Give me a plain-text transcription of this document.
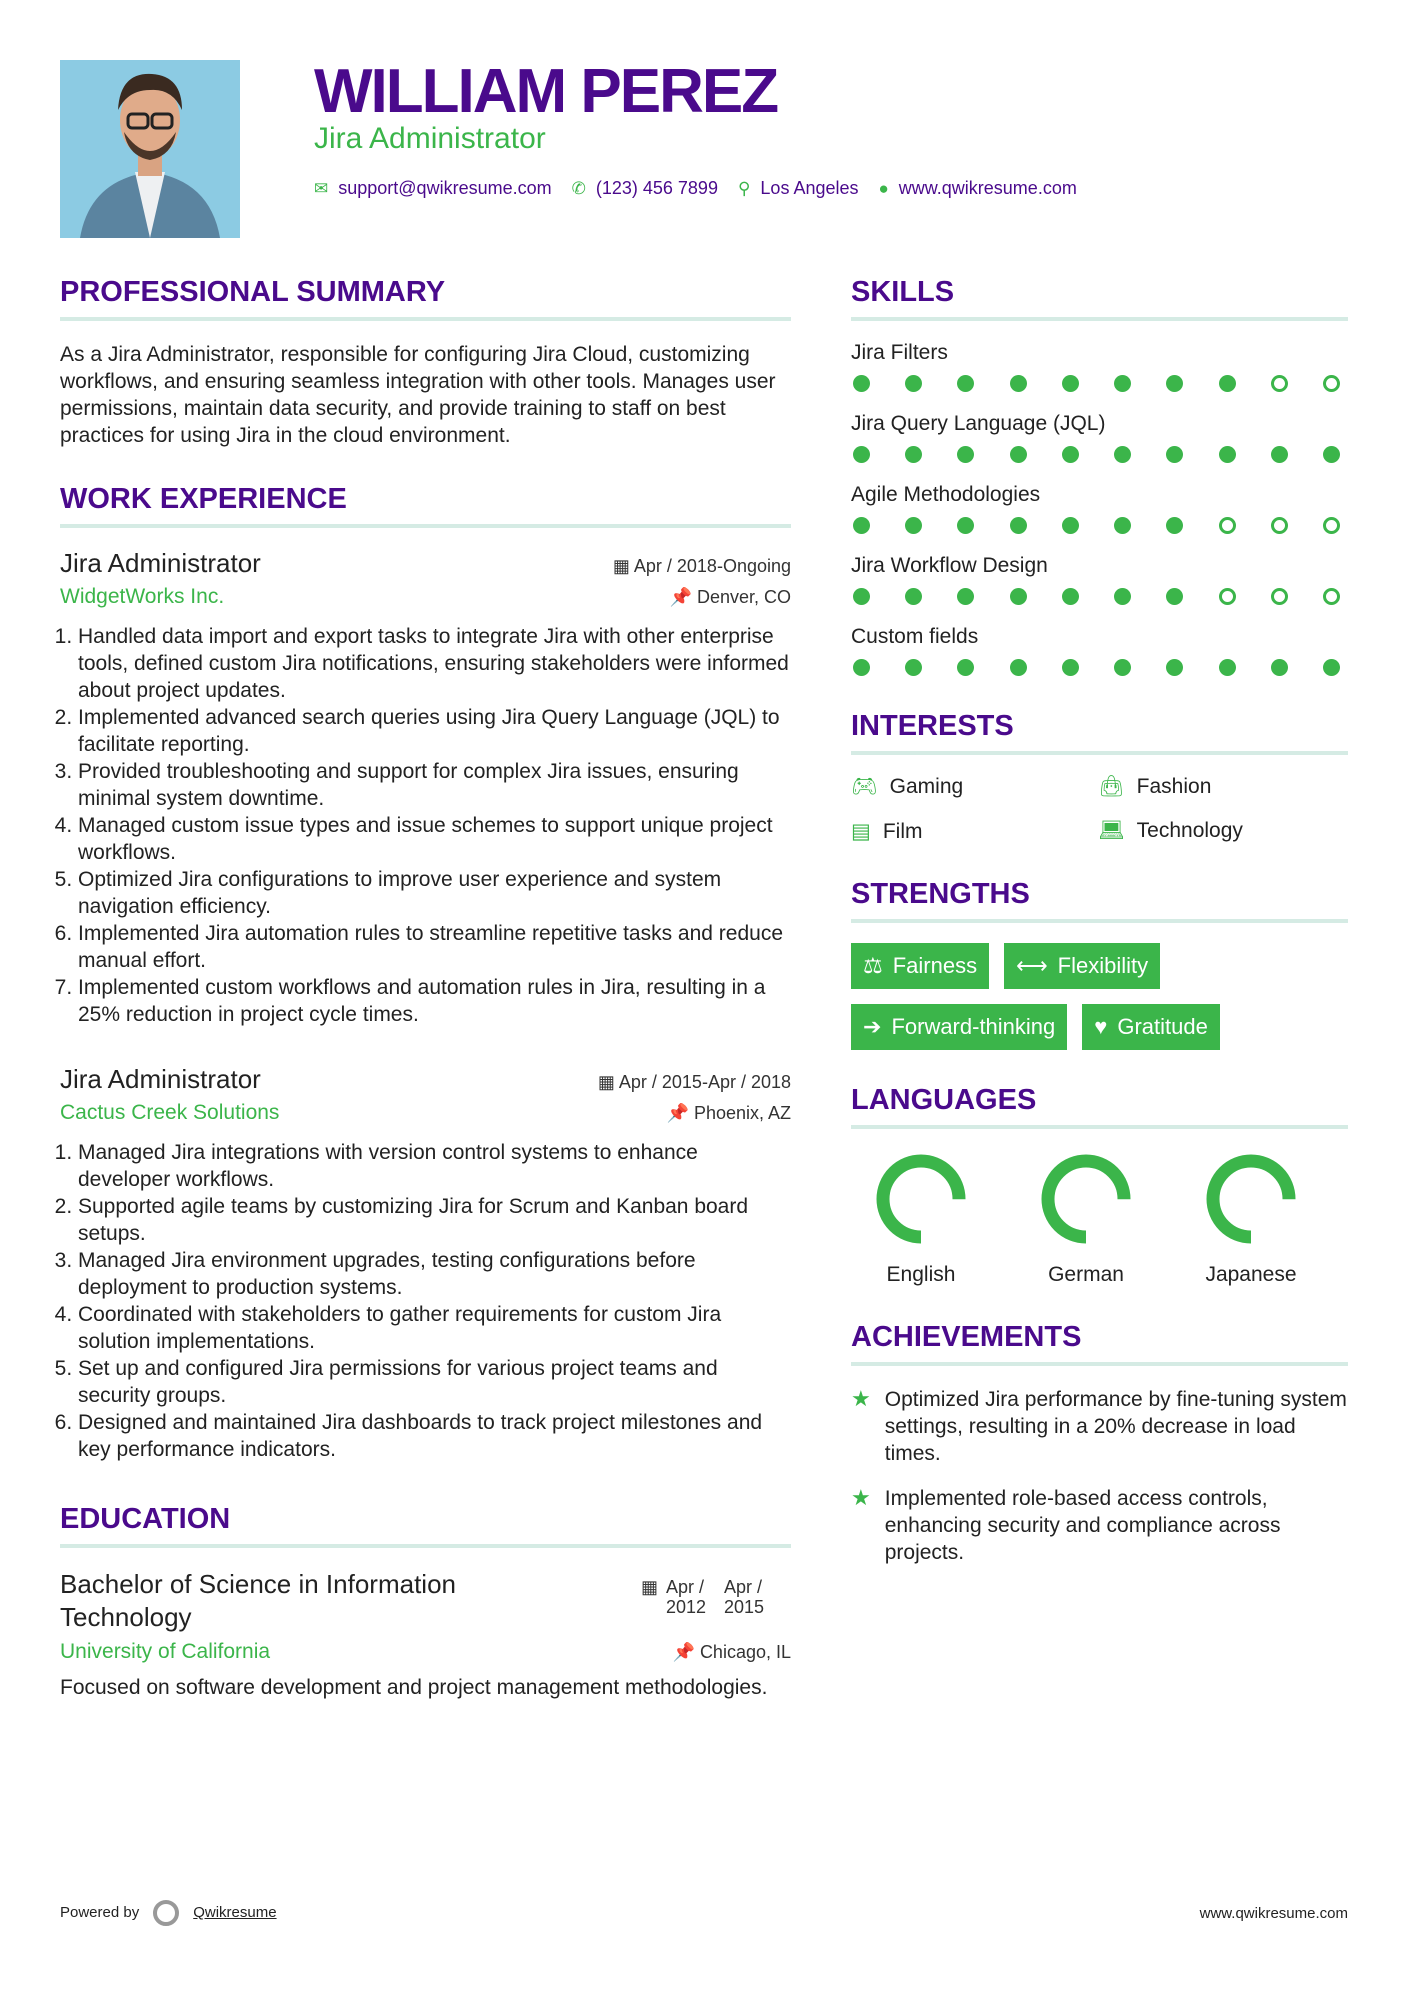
WILLIAM PEREZ
Jira Administrator
✉ support@qwikresume.com ✆ (123) 456 7899 ⚲ Los Angeles ● www.qwikresume.com
PROFESSIONAL SUMMARY
As a Jira Administrator, responsible for configuring Jira Cloud, customizing workflows, and ensuring seamless integration with other tools. Manages user permissions, maintain data security, and provide training to staff on best practices for using Jira in the cloud environment.
WORK EXPERIENCE
Jira Administrator	▦ Apr / 2018-Ongoing
WidgetWorks Inc.	📌 Denver, CO
1. Handled data import and export tasks to integrate Jira with other enterprise tools, defined custom Jira notifications, ensuring stakeholders were informed about project updates.
2. Implemented advanced search queries using Jira Query Language (JQL) to facilitate reporting.
3. Provided troubleshooting and support for complex Jira issues, ensuring minimal system downtime.
4. Managed custom issue types and issue schemes to support unique project workflows.
5. Optimized Jira configurations to improve user experience and system navigation efficiency.
6. Implemented Jira automation rules to streamline repetitive tasks and reduce manual effort.
7. Implemented custom workflows and automation rules in Jira, resulting in a 25% reduction in project cycle times.
Jira Administrator	▦ Apr / 2015-Apr / 2018
Cactus Creek Solutions	📌 Phoenix, AZ
1. Managed Jira integrations with version control systems to enhance developer workflows.
2. Supported agile teams by customizing Jira for Scrum and Kanban board setups.
3. Managed Jira environment upgrades, testing configurations before deployment to production systems.
4. Coordinated with stakeholders to gather requirements for custom Jira solution implementations.
5. Set up and configured Jira permissions for various project teams and security groups.
6. Designed and maintained Jira dashboards to track project milestones and key performance indicators.
EDUCATION
Bachelor of Science in Information Technology
▦ Apr / 2012
Apr / 2015
University of California	📌 Chicago, IL
Focused on software development and project management methodologies.
SKILLS
Jira Filters
Jira Query Language (JQL)
Agile Methodologies
Jira Workflow Design
Custom fields
INTERESTS
🎮︎ Gaming	👜︎ Fashion
▤ Film	💻︎ Technology
STRENGTHS
⚖ Fairness ⟷ Flexibility
➔ Forward-thinking ♥ Gratitude
LANGUAGES
English	German	Japanese
ACHIEVEMENTS
★ Optimized Jira performance by fine-tuning system settings, resulting in a 20% decrease in load times.
★ Implemented role-based access controls, enhancing security and compliance across projects.
Powered by	Qwikresume	www.qwikresume.com
